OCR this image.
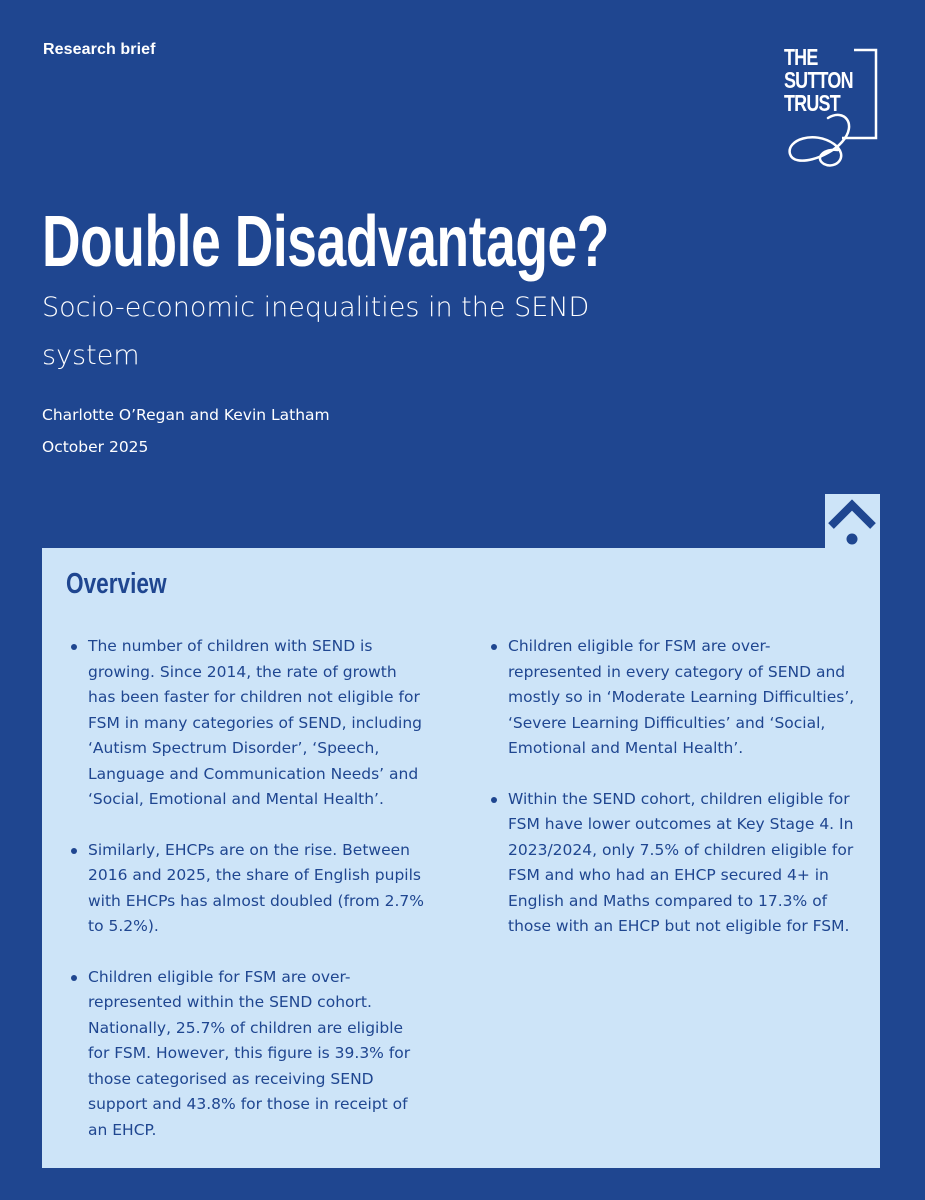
Research brief	THE
SUTTON
TRUST
Double Disadvantage?
Socio-economic inequalities in the SEND system
Charlotte O’Regan and Kevin Latham
October 2025
Overview
The number of children with SEND is growing. Since 2014, the rate of growth has been faster for children not eligible for FSM in many categories of SEND, including ‘Autism Spectrum Disorder’, ‘Speech, Language and Communication Needs’ and ‘Social, Emotional and Mental Health’.
Similarly, EHCPs are on the rise. Between 2016 and 2025, the share of English pupils with EHCPs has almost doubled (from 2.7% to 5.2%).
Children eligible for FSM are over-represented within the SEND cohort. Nationally, 25.7% of children are eligible for FSM. However, this figure is 39.3% for those categorised as receiving SEND support and 43.8% for those in receipt of an EHCP.
Children eligible for FSM are over-represented in every category of SEND and mostly so in ‘Moderate Learning Difficulties’, ‘Severe Learning Difficulties’ and ‘Social, Emotional and Mental Health’.
Within the SEND cohort, children eligible for FSM have lower outcomes at Key Stage 4. In 2023/2024, only 7.5% of children eligible for FSM and who had an EHCP secured 4+ in English and Maths compared to 17.3% of those with an EHCP but not eligible for FSM.
